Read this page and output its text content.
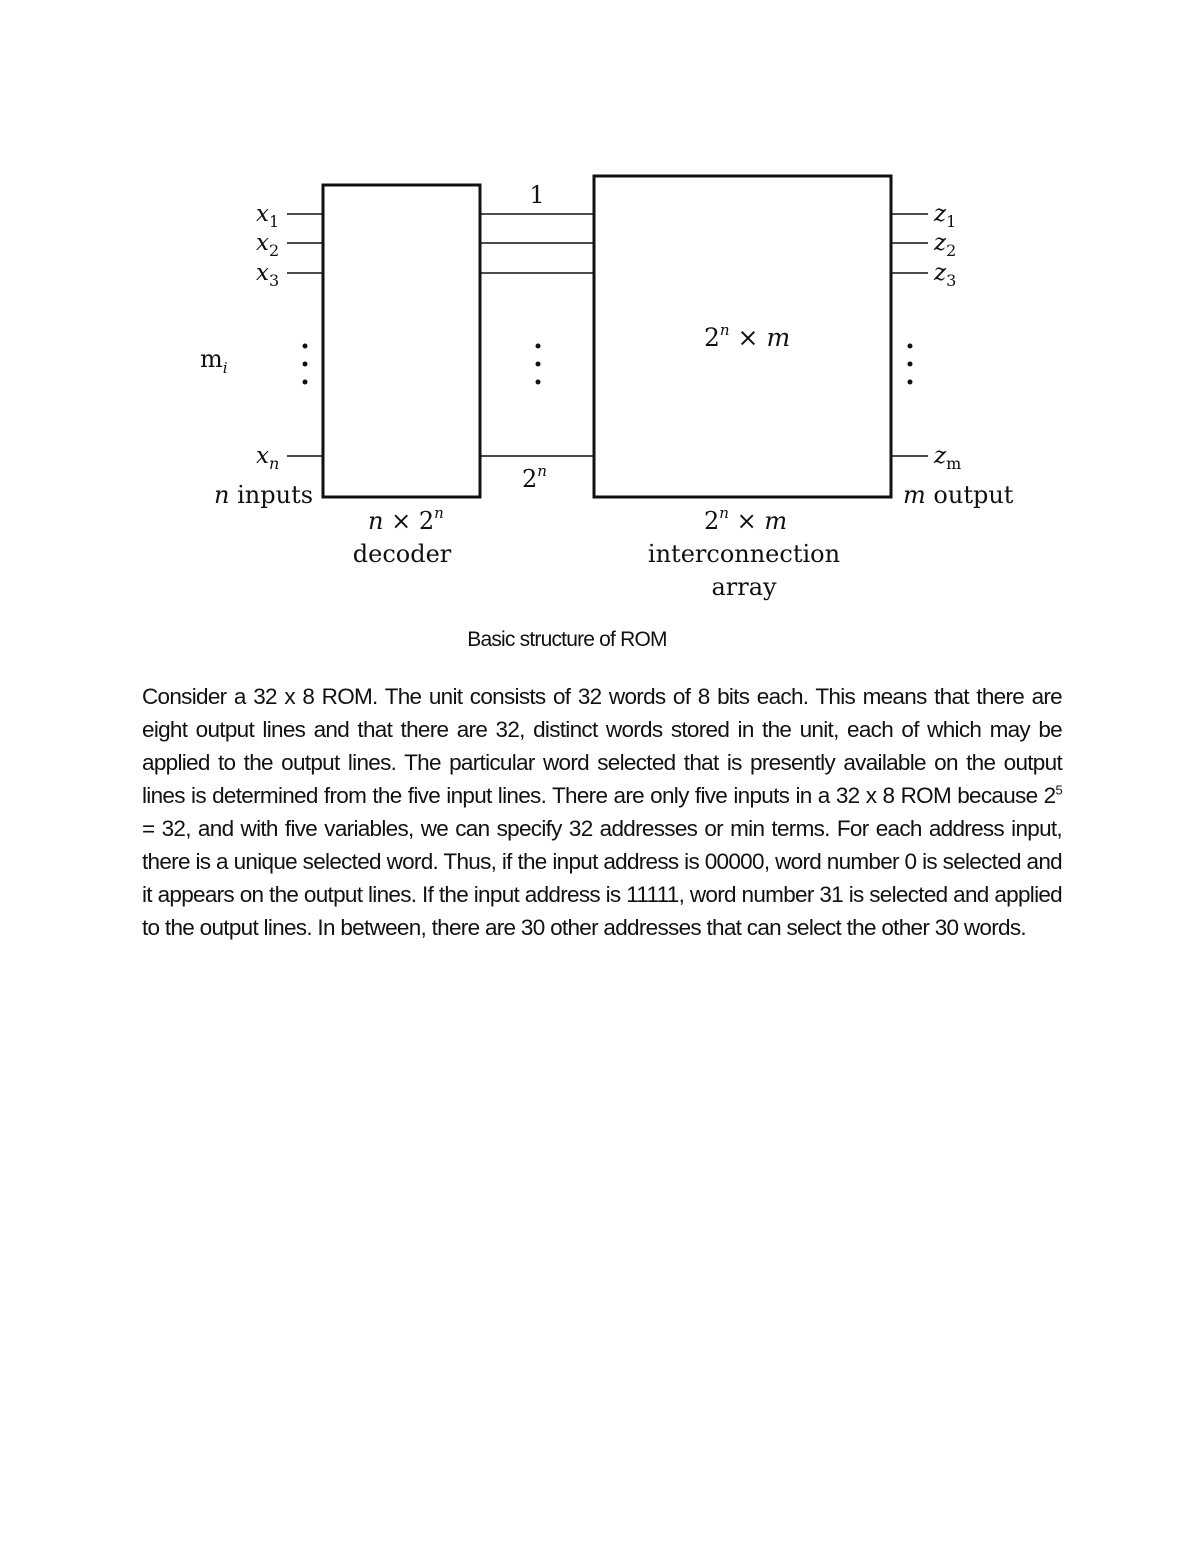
$x_1$
$x_2$
$x_3$
$x_n$
$m_i$
n inputs
1
2$^n$
$2^n \times m$
$z_1$
$z_2$
$z_3$
$z_m$
m output
$n \times 2^n$
decoder
$2^n \times m$
interconnection
array
Basic structure of ROM

Consider a 32 x 8 ROM. The unit consists of 32 words of 8 bits each. This means that there are eight output lines and that there are 32, distinct words stored in the unit, each of which may be applied to the output lines. The particular word selected that is presently available on the output lines is determined from the five input lines. There are only five inputs in a 32 x 8 ROM because $2^5 = 32$, and with five variables, we can specify 32 addresses or min terms. For each address input, there is a unique selected word. Thus, if the input address is 00000, word number 0 is selected and it appears on the output lines. If the input address is 11111, word number 31 is selected and applied to the output lines. In between, there are 30 other addresses that can select the other 30 words.
